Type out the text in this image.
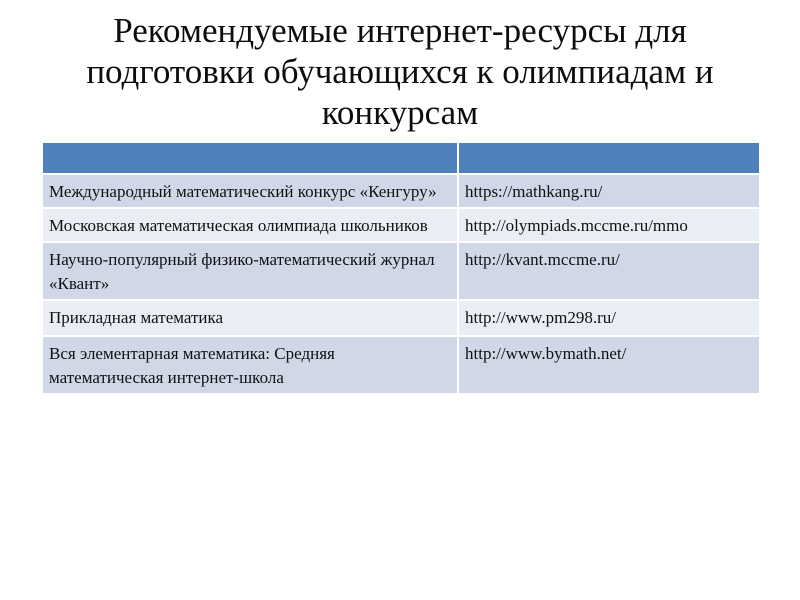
Рекомендуемые интернет-ресурсы для подготовки обучающихся к олимпиадам и конкурсам

Международный математический конкурс «Кенгуру»	https://mathkang.ru/
Московская математическая олимпиада школьников	http://olympiads.mccme.ru/mmo
Научно-популярный физико-математический журнал «Квант»	http://kvant.mccme.ru/
Прикладная математика	http://www.pm298.ru/
Вся элементарная математика: Средняя математическая интернет-школа	http://www.bymath.net/
